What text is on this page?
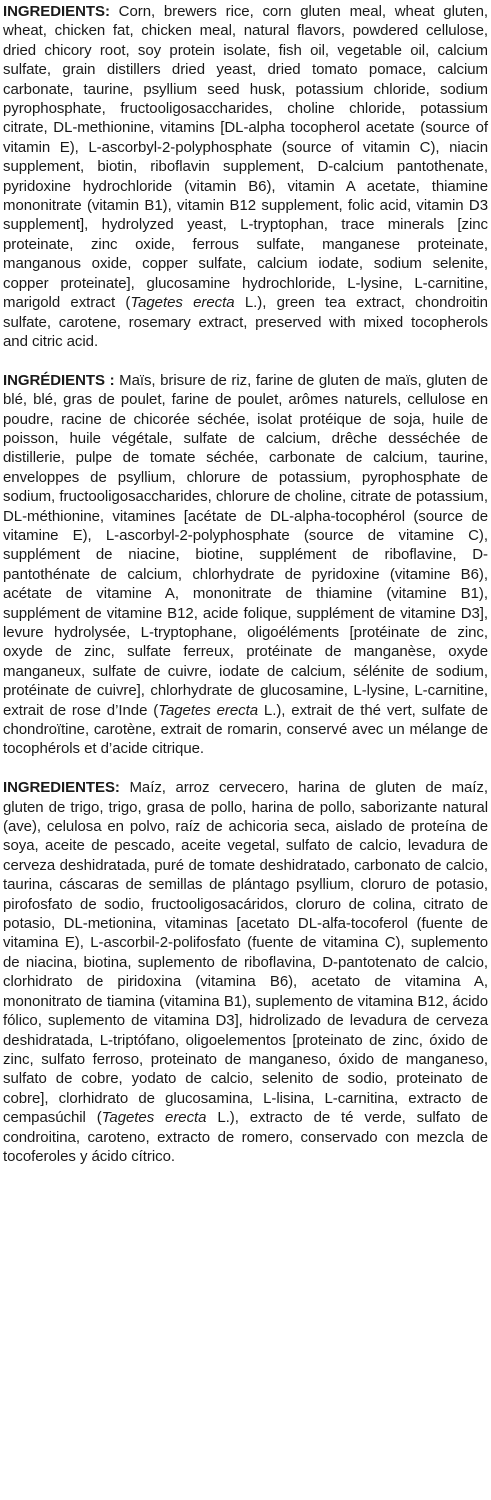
INGREDIENTS: Corn, brewers rice, corn gluten meal, wheat gluten, wheat, chicken fat, chicken meal, natural flavors, powdered cellulose, dried chicory root, soy protein isolate, fish oil, vegetable oil, calcium sulfate, grain distillers dried yeast, dried tomato pomace, calcium carbonate, taurine, psyllium seed husk, potassium chloride, sodium pyrophosphate, fructooligosaccharides, choline chloride, potassium citrate, DL-methionine, vitamins [DL-alpha tocopherol acetate (source of vitamin E), L-ascorbyl-2-polyphosphate (source of vitamin C), niacin supplement, biotin, riboflavin supplement, D-calcium pantothenate, pyridoxine hydrochloride (vitamin B6), vitamin A acetate, thiamine mononitrate (vitamin B1), vitamin B12 supplement, folic acid, vitamin D3 supplement], hydrolyzed yeast, L-tryptophan, trace minerals [zinc proteinate, zinc oxide, ferrous sulfate, manganese proteinate, manganous oxide, copper sulfate, calcium iodate, sodium selenite, copper proteinate], glucosamine hydrochloride, L-lysine, L-carnitine, marigold extract (Tagetes erecta L.), green tea extract, chondroitin sulfate, carotene, rosemary extract, preserved with mixed tocopherols and citric acid.

INGRÉDIENTS : Maïs, brisure de riz, farine de gluten de maïs, gluten de blé, blé, gras de poulet, farine de poulet, arômes naturels, cellulose en poudre, racine de chicorée séchée, isolat protéique de soja, huile de poisson, huile végétale, sulfate de calcium, drêche desséchée de distillerie, pulpe de tomate séchée, carbonate de calcium, taurine, enveloppes de psyllium, chlorure de potassium, pyrophosphate de sodium, fructooligosaccharides, chlorure de choline, citrate de potassium, DL-méthionine, vitamines [acétate de DL-alpha-tocophérol (source de vitamine E), L-ascorbyl-2-polyphosphate (source de vitamine C), supplément de niacine, biotine, supplément de riboflavine, D-pantothénate de calcium, chlorhydrate de pyridoxine (vitamine B6), acétate de vitamine A, mononitrate de thiamine (vitamine B1), supplément de vitamine B12, acide folique, supplément de vitamine D3], levure hydrolysée, L-tryptophane, oligoéléments [protéinate de zinc, oxyde de zinc, sulfate ferreux, protéinate de manganèse, oxyde manganeux, sulfate de cuivre, iodate de calcium, sélénite de sodium, protéinate de cuivre], chlorhydrate de glucosamine, L-lysine, L-carnitine, extrait de rose d’Inde (Tagetes erecta L.), extrait de thé vert, sulfate de chondroïtine, carotène, extrait de romarin, conservé avec un mélange de tocophérols et d’acide citrique.

INGREDIENTES: Maíz, arroz cervecero, harina de gluten de maíz, gluten de trigo, trigo, grasa de pollo, harina de pollo, saborizante natural (ave), celulosa en polvo, raíz de achicoria seca, aislado de proteína de soya, aceite de pescado, aceite vegetal, sulfato de calcio, levadura de cerveza deshidratada, puré de tomate deshidratado, carbonato de calcio, taurina, cáscaras de semillas de plántago psyllium, cloruro de potasio, pirofosfato de sodio, fructooligosacáridos, cloruro de colina, citrato de potasio, DL-metionina, vitaminas [acetato DL-alfa-tocoferol (fuente de vitamina E), L-ascorbil-2-polifosfato (fuente de vitamina C), suplemento de niacina, biotina, suplemento de riboflavina, D-pantotenato de calcio, clorhidrato de piridoxina (vitamina B6), acetato de vitamina A, mononitrato de tiamina (vitamina B1), suplemento de vitamina B12, ácido fólico, suplemento de vitamina D3], hidrolizado de levadura de cerveza deshidratada, L-triptófano, oligoelementos [proteinato de zinc, óxido de zinc, sulfato ferroso, proteinato de manganeso, óxido de manganeso, sulfato de cobre, yodato de calcio, selenito de sodio, proteinato de cobre], clorhidrato de glucosamina, L-lisina, L-carnitina, extracto de cempasúchil (Tagetes erecta L.), extracto de té verde, sulfato de condroitina, caroteno, extracto de romero, conservado con mezcla de tocoferoles y ácido cítrico.
